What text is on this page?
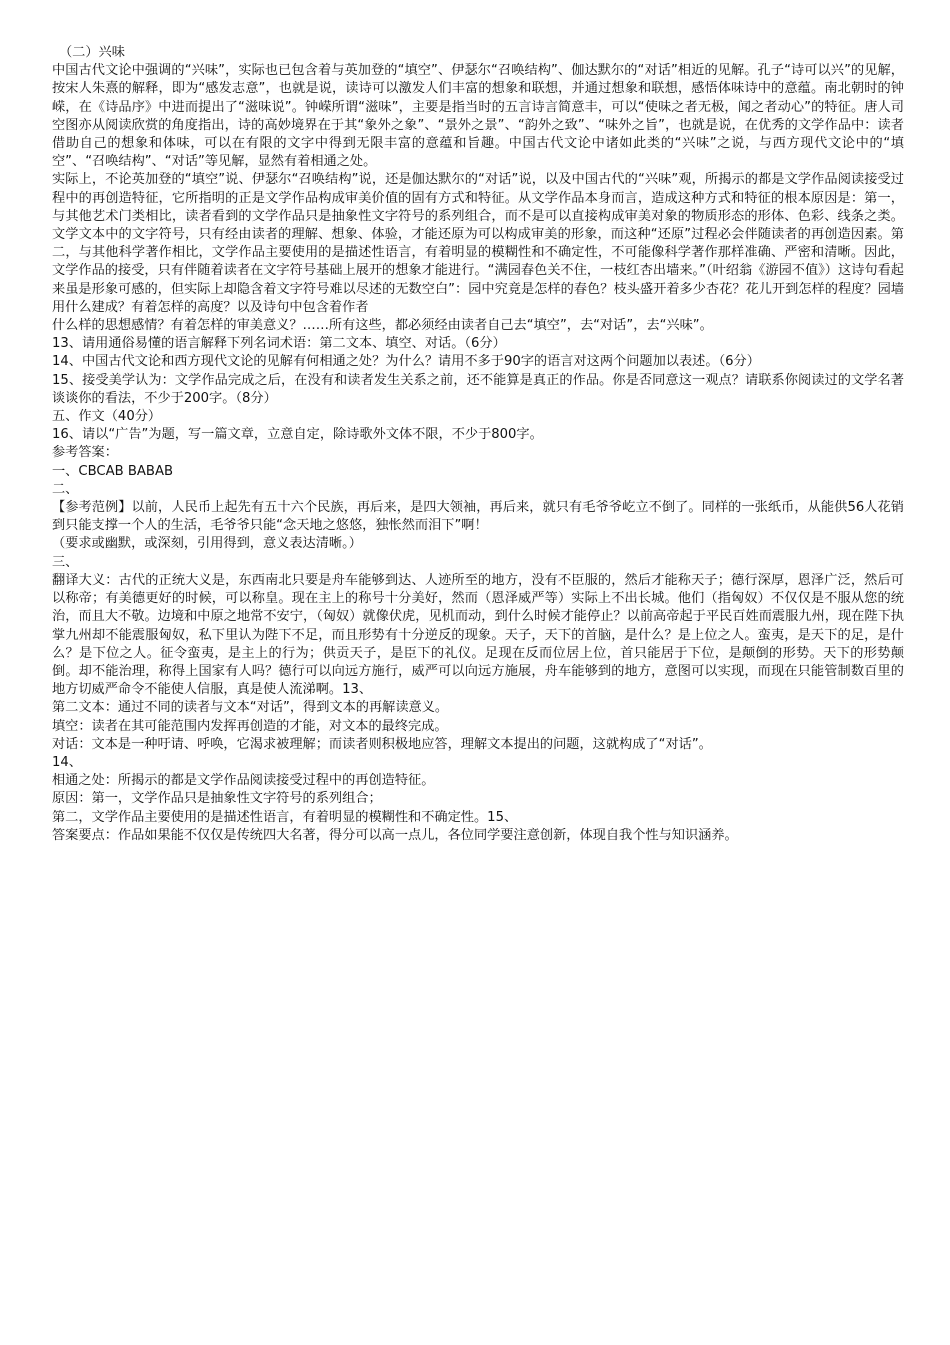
（二）兴味

中国古代文论中强调的“兴味”，实际也已包含着与英加登的“填空”、伊瑟尔“召唤结构”、伽达默尔的“对话”相近的见解。孔子“诗可以兴”的见解，按宋人朱熹的解释，即为“感发志意”，也就是说，读诗可以激发人们丰富的想象和联想，并通过想象和联想，感悟体味诗中的意蕴。南北朝时的钟嵘，在《诗品序》中进而提出了“滋味说”。钟嵘所谓“滋味”，主要是指当时的五言诗言简意丰，可以“使味之者无极，闻之者动心”的特征。唐人司空图亦从阅读欣赏的角度指出，诗的高妙境界在于其“象外之象”、“景外之景”、“韵外之致”、“味外之旨”，也就是说，在优秀的文学作品中：读者借助自己的想象和体味，可以在有限的文字中得到无限丰富的意蕴和旨趣。中国古代文论中诸如此类的“兴味”之说，与西方现代文论中的“填空”、“召唤结构”、“对话”等见解，显然有着相通之处。

实际上，不论英加登的“填空”说、伊瑟尔“召唤结构”说，还是伽达默尔的“对话”说，以及中国古代的“兴味”观，所揭示的都是文学作品阅读接受过程中的再创造特征，它所指明的正是文学作品构成审美价值的固有方式和特征。从文学作品本身而言，造成这种方式和特征的根本原因是：第一，与其他艺术门类相比，读者看到的文学作品只是抽象性文字符号的系列组合，而不是可以直接构成审美对象的物质形态的形体、色彩、线条之类。文学文本中的文字符号，只有经由读者的理解、想象、体验，才能还原为可以构成审美的形象，而这种“还原”过程必会伴随读者的再创造因素。第二，与其他科学著作相比，文学作品主要使用的是描述性语言，有着明显的模糊性和不确定性，不可能像科学著作那样准确、严密和清晰。因此，文学作品的接受，只有伴随着读者在文字符号基础上展开的想象才能进行。“满园春色关不住，一枝红杏出墙来。”（叶绍翁《游园不值》）这诗句看起来虽是形象可感的，但实际上却隐含着文字符号难以尽述的无数空白”：园中究竟是怎样的春色？枝头盛开着多少杏花？花儿开到怎样的程度？园墙用什么建成？有着怎样的高度？以及诗句中包含着作者

什么样的思想感情？有着怎样的审美意义？……所有这些，都必须经由读者自己去“填空”，去“对话”，去“兴味”。

13、请用通俗易懂的语言解释下列名词术语：第二文本、填空、对话。（6分）

14、中国古代文论和西方现代文论的见解有何相通之处？为什么？请用不多于90字的语言对这两个问题加以表述。（6分）

15、接受美学认为：文学作品完成之后，在没有和读者发生关系之前，还不能算是真正的作品。你是否同意这一观点？请联系你阅读过的文学名著谈谈你的看法，不少于200字。（8分）

五、作文（40分）

16、请以“广告”为题，写一篇文章，立意自定，除诗歌外文体不限，不少于800字。

参考答案：

一、CBCAB BABAB

二、

【参考范例】以前，人民币上起先有五十六个民族，再后来，是四大领袖，再后来，就只有毛爷爷屹立不倒了。同样的一张纸币，从能供56人花销到只能支撑一个人的生活，毛爷爷只能“念天地之悠悠，独怅然而泪下”啊！

（要求或幽默，或深刻，引用得到，意义表达清晰。）

三、

翻译大义：古代的正统大义是，东西南北只要是舟车能够到达、人迹所至的地方，没有不臣服的，然后才能称天子；德行深厚，恩泽广泛，然后可以称帝；有美德更好的时候，可以称皇。现在主上的称号十分美好，然而（恩泽威严等）实际上不出长城。他们（指匈奴）不仅仅是不服从您的统治，而且大不敬。边境和中原之地常不安宁，（匈奴）就像伏虎，见机而动，到什么时候才能停止？以前高帝起于平民百姓而震服九州，现在陛下执掌九州却不能震服匈奴，私下里认为陛下不足，而且形势有十分逆反的现象。天子，天下的首脑，是什么？是上位之人。蛮夷，是天下的足，是什么？是下位之人。征令蛮夷，是主上的行为；供贡天子，是臣下的礼仪。足现在反而位居上位，首只能居于下位，是颠倒的形势。天下的形势颠倒。却不能治理，称得上国家有人吗？德行可以向远方施行，威严可以向远方施展，舟车能够到的地方，意图可以实现，而现在只能管制数百里的地方切威严命令不能使人信服，真是使人流涕啊。13、

第二文本：通过不同的读者与文本“对话”，得到文本的再解读意义。

填空：读者在其可能范围内发挥再创造的才能，对文本的最终完成。

对话：文本是一种吁请、呼唤，它渴求被理解；而读者则积极地应答，理解文本提出的问题，这就构成了“对话”。

14、

相通之处：所揭示的都是文学作品阅读接受过程中的再创造特征。

原因：第一，文学作品只是抽象性文字符号的系列组合；

第二，文学作品主要使用的是描述性语言，有着明显的模糊性和不确定性。15、

答案要点：作品如果能不仅仅是传统四大名著，得分可以高一点儿，各位同学要注意创新，体现自我个性与知识涵养。
